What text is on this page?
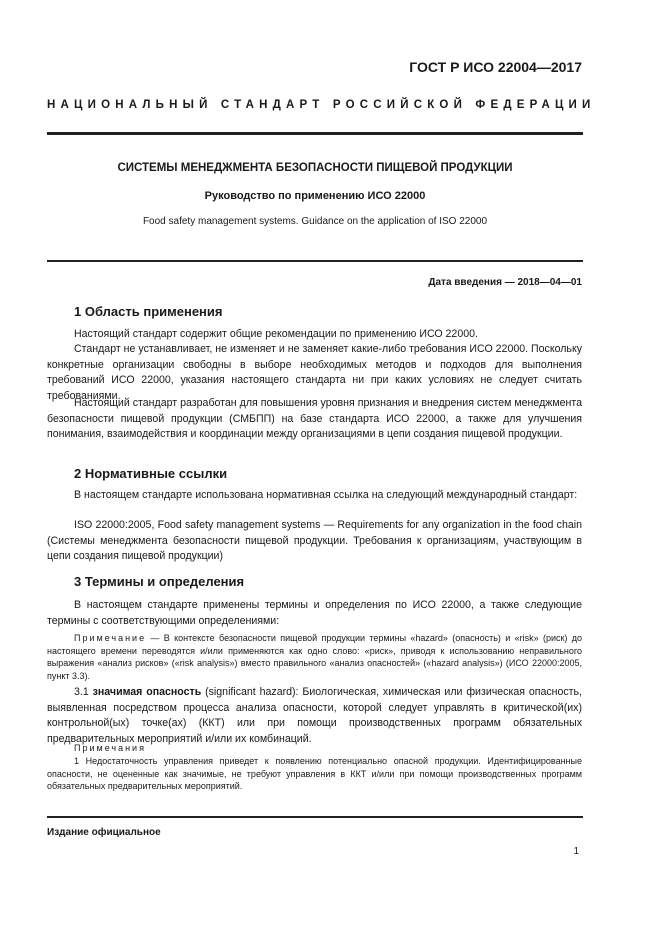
ГОСТ Р ИСО 22004—2017
НАЦИОНАЛЬНЫЙ СТАНДАРТ РОССИЙСКОЙ ФЕДЕРАЦИИ
СИСТЕМЫ МЕНЕДЖМЕНТА БЕЗОПАСНОСТИ ПИЩЕВОЙ ПРОДУКЦИИ
Руководство по применению ИСО 22000
Food safety management systems. Guidance on the application of ISO 22000
Дата введения — 2018—04—01
1 Область применения

Настоящий стандарт содержит общие рекомендации по применению ИСО 22000.

Стандарт не устанавливает, не изменяет и не заменяет какие-либо требования ИСО 22000. Поскольку конкретные организации свободны в выборе необходимых методов и подходов для выполнения требований ИСО 22000, указания настоящего стандарта ни при каких условиях не следует считать требованиями.

Настоящий стандарт разработан для повышения уровня признания и внедрения систем менеджмента безопасности пищевой продукции (СМБПП) на базе стандарта ИСО 22000, а также для улучшения понимания, взаимодействия и координации между организациями в цепи создания пищевой продукции.

2 Нормативные ссылки

В настоящем стандарте использована нормативная ссылка на следующий международный стандарт:

ISO 22000:2005, Food safety management systems — Requirements for any organization in the food chain (Системы менеджмента безопасности пищевой продукции. Требования к организациям, участвующим в цепи создания пищевой продукции)

3 Термины и определения

В настоящем стандарте применены термины и определения по ИСО 22000, а также следующие термины с соответствующими определениями:

Примечание — В контексте безопасности пищевой продукции термины «hazard» (опасность) и «risk» (риск) до настоящего времени переводятся и/или применяются как одно слово: «риск», приводя к использованию неправильного выражения «анализ рисков» («risk analysis») вместо правильного «анализ опасностей» («hazard analysis») (ИСО 22000:2005, пункт 3.3).

3.1 значимая опасность (significant hazard): Биологическая, химическая или физическая опасность, выявленная посредством процесса анализа опасности, которой следует управлять в критической(их) контрольной(ых) точке(ах) (ККТ) или при помощи производственных программ обязательных предварительных мероприятий и/или их комбинаций.

Примечания

1 Недостаточность управления приведет к появлению потенциально опасной продукции. Идентифицированные опасности, не оцененные как значимые, не требуют управления в ККТ и/или при помощи производственных программ обязательных предварительных мероприятий.

Издание официальное
1
